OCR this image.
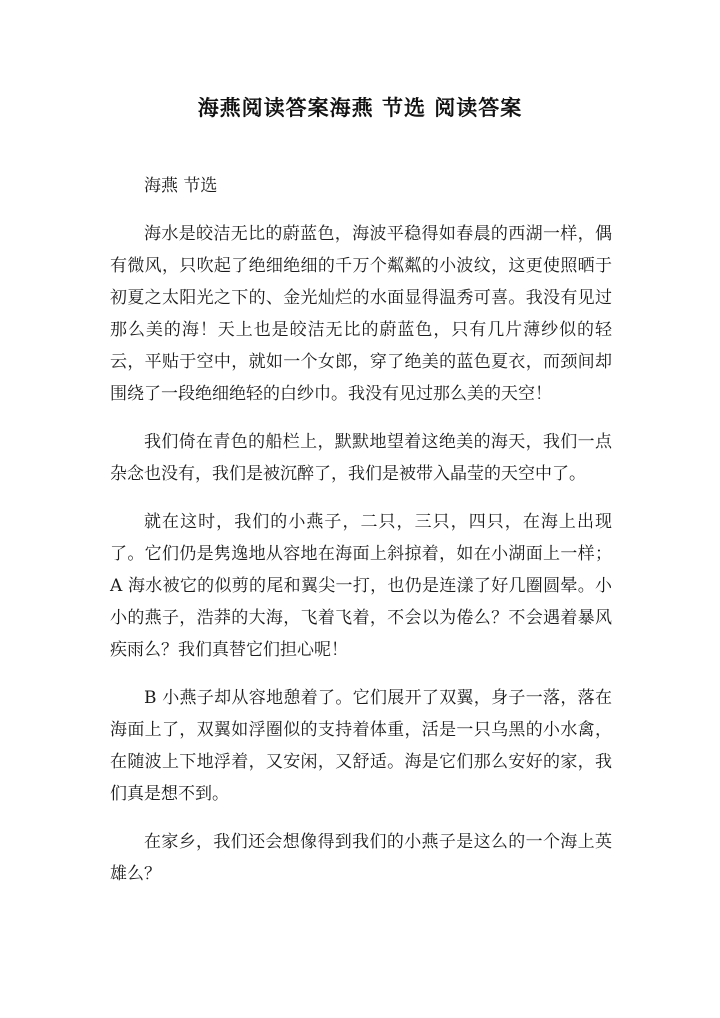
海燕阅读答案海燕 节选 阅读答案

海燕 节选

海水是皎洁无比的蔚蓝色，海波平稳得如春晨的西湖一样，偶有微风，只吹起了绝细绝细的千万个粼粼的小波纹，这更使照晒于初夏之太阳光之下的、金光灿烂的水面显得温秀可喜。我没有见过那么美的海！天上也是皎洁无比的蔚蓝色，只有几片薄纱似的轻云，平贴于空中，就如一个女郎，穿了绝美的蓝色夏衣，而颈间却围绕了一段绝细绝轻的白纱巾。我没有见过那么美的天空！

我们倚在青色的船栏上，默默地望着这绝美的海天，我们一点杂念也没有，我们是被沉醉了，我们是被带入晶莹的天空中了。

就在这时，我们的小燕子，二只，三只，四只，在海上出现了。它们仍是隽逸地从容地在海面上斜掠着，如在小湖面上一样； A 海水被它的似剪的尾和翼尖一打，也仍是连漾了好几圈圆晕。小小的燕子，浩莽的大海，飞着飞着，不会以为倦么？不会遇着暴风疾雨么？我们真替它们担心呢！

B 小燕子却从容地憩着了。它们展开了双翼，身子一落，落在海面上了，双翼如浮圈似的支持着体重，活是一只乌黑的小水禽，在随波上下地浮着，又安闲，又舒适。海是它们那么安好的家，我们真是想不到。

在家乡，我们还会想像得到我们的小燕子是这么的一个海上英雄么？
